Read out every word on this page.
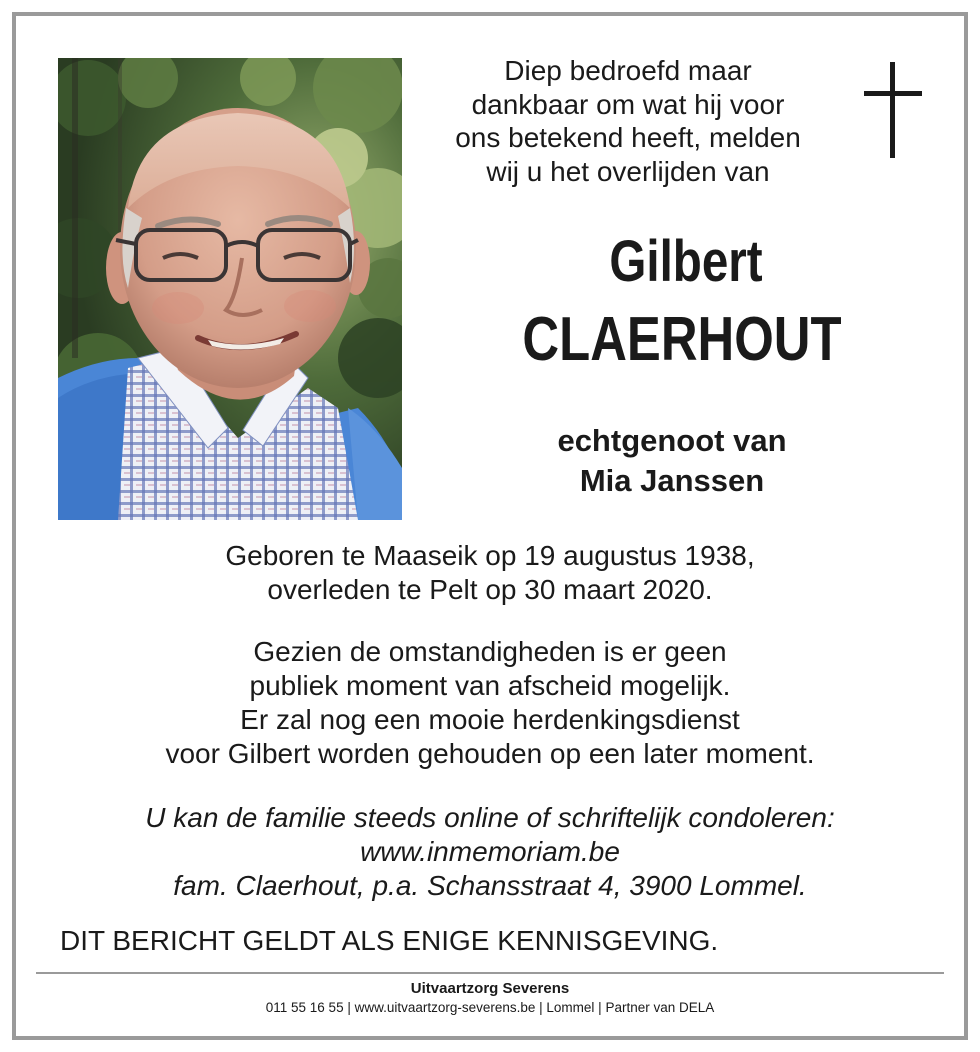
Diep bedroefd maar
dankbaar om wat hij voor
ons betekend heeft, melden
wij u het overlijden van
Gilbert
CLAERHOUT
echtgenoot van
Mia Janssen
Geboren te Maaseik op 19 augustus 1938,
overleden te Pelt op 30 maart 2020.
Gezien de omstandigheden is er geen
publiek moment van afscheid mogelijk.
Er zal nog een mooie herdenkingsdienst
voor Gilbert worden gehouden op een later moment.
U kan de familie steeds online of schriftelijk condoleren:
www.inmemoriam.be
fam. Claerhout, p.a. Schansstraat 4, 3900 Lommel.
DIT BERICHT GELDT ALS ENIGE KENNISGEVING.
Uitvaartzorg Severens
011 55 16 55 | www.uitvaartzorg-severens.be | Lommel | Partner van DELA
